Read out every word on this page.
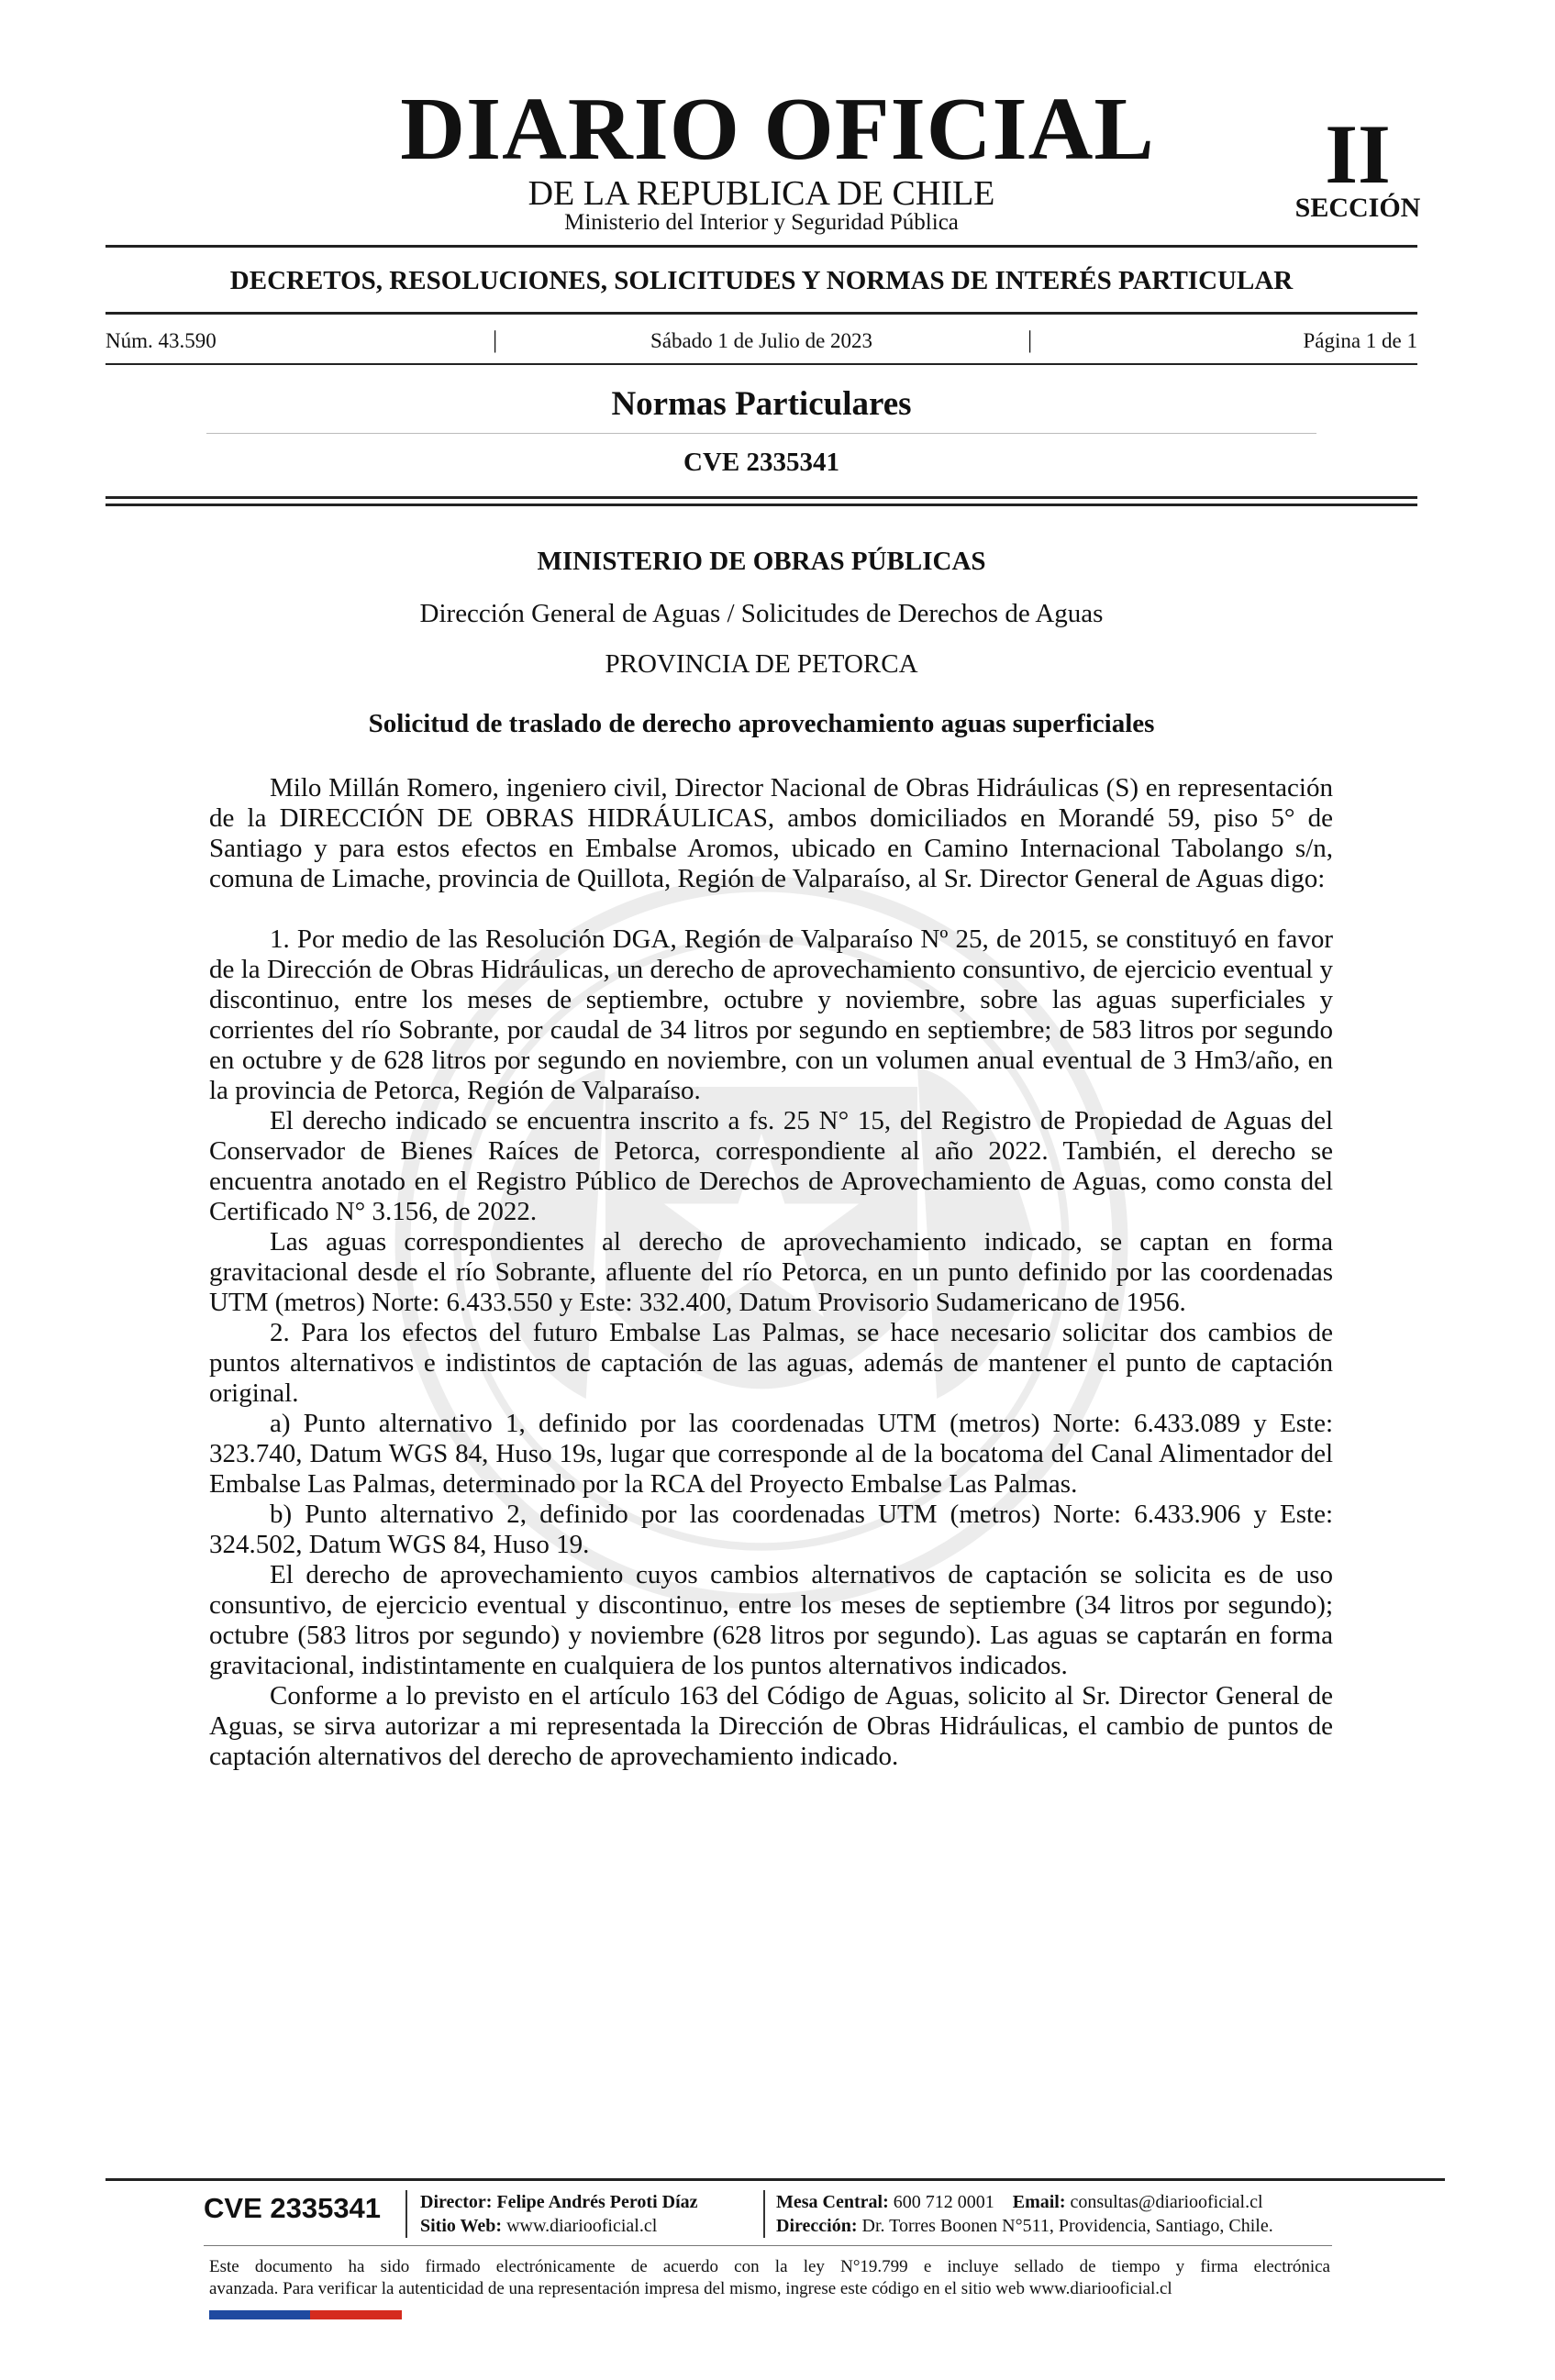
DIARIO OFICIAL
DE LA REPUBLICA DE CHILE
Ministerio del Interior y Seguridad Pública
II
SECCIÓN
DECRETOS, RESOLUCIONES, SOLICITUDES Y NORMAS DE INTERÉS PARTICULAR
Núm. 43.590	|	Sábado 1 de Julio de 2023	|	Página 1 de 1
Normas Particulares
CVE 2335341
MINISTERIO DE OBRAS PÚBLICAS
Dirección General de Aguas / Solicitudes de Derechos de Aguas
PROVINCIA DE PETORCA
Solicitud de traslado de derecho aprovechamiento aguas superficiales

Milo Millán Romero, ingeniero civil, Director Nacional de Obras Hidráulicas (S) en representación de la DIRECCIÓN DE OBRAS HIDRÁULICAS, ambos domiciliados en Morandé 59, piso 5° de Santiago y para estos efectos en Embalse Aromos, ubicado en Camino Internacional Tabolango s/n, comuna de Limache, provincia de Quillota, Región de Valparaíso, al Sr. Director General de Aguas digo:

1. Por medio de las Resolución DGA, Región de Valparaíso Nº 25, de 2015, se constituyó en favor de la Dirección de Obras Hidráulicas, un derecho de aprovechamiento consuntivo, de ejercicio eventual y discontinuo, entre los meses de septiembre, octubre y noviembre, sobre las aguas superficiales y corrientes del río Sobrante, por caudal de 34 litros por segundo en septiembre; de 583 litros por segundo en octubre y de 628 litros por segundo en noviembre, con un volumen anual eventual de 3 Hm3/año, en la provincia de Petorca, Región de Valparaíso.

El derecho indicado se encuentra inscrito a fs. 25 N° 15, del Registro de Propiedad de Aguas del Conservador de Bienes Raíces de Petorca, correspondiente al año 2022. También, el derecho se encuentra anotado en el Registro Público de Derechos de Aprovechamiento de Aguas, como consta del Certificado N° 3.156, de 2022.

Las aguas correspondientes al derecho de aprovechamiento indicado, se captan en forma gravitacional desde el río Sobrante, afluente del río Petorca, en un punto definido por las coordenadas UTM (metros) Norte: 6.433.550 y Este: 332.400, Datum Provisorio Sudamericano de 1956.

2. Para los efectos del futuro Embalse Las Palmas, se hace necesario solicitar dos cambios de puntos alternativos e indistintos de captación de las aguas, además de mantener el punto de captación original.

a) Punto alternativo 1, definido por las coordenadas UTM (metros) Norte: 6.433.089 y Este: 323.740, Datum WGS 84, Huso 19s, lugar que corresponde al de la bocatoma del Canal Alimentador del Embalse Las Palmas, determinado por la RCA del Proyecto Embalse Las Palmas.

b) Punto alternativo 2, definido por las coordenadas UTM (metros) Norte: 6.433.906 y Este: 324.502, Datum WGS 84, Huso 19.

El derecho de aprovechamiento cuyos cambios alternativos de captación se solicita es de uso consuntivo, de ejercicio eventual y discontinuo, entre los meses de septiembre (34 litros por segundo); octubre (583 litros por segundo) y noviembre (628 litros por segundo). Las aguas se captarán en forma gravitacional, indistintamente en cualquiera de los puntos alternativos indicados.

Conforme a lo previsto en el artículo 163 del Código de Aguas, solicito al Sr. Director General de Aguas, se sirva autorizar a mi representada la Dirección de Obras Hidráulicas, el cambio de puntos de captación alternativos del derecho de aprovechamiento indicado.

CVE 2335341 Director: Felipe Andrés Peroti Díaz
Sitio Web: www.diariooficial.cl
Mesa Central: 600 712 0001 Email: consultas@diariooficial.cl
Dirección: Dr. Torres Boonen N°511, Providencia, Santiago, Chile.
Este documento ha sido firmado electrónicamente de acuerdo con la ley N°19.799 e incluye sellado de tiempo y firma electrónica
avanzada. Para verificar la autenticidad de una representación impresa del mismo, ingrese este código en el sitio web www.diariooficial.cl
